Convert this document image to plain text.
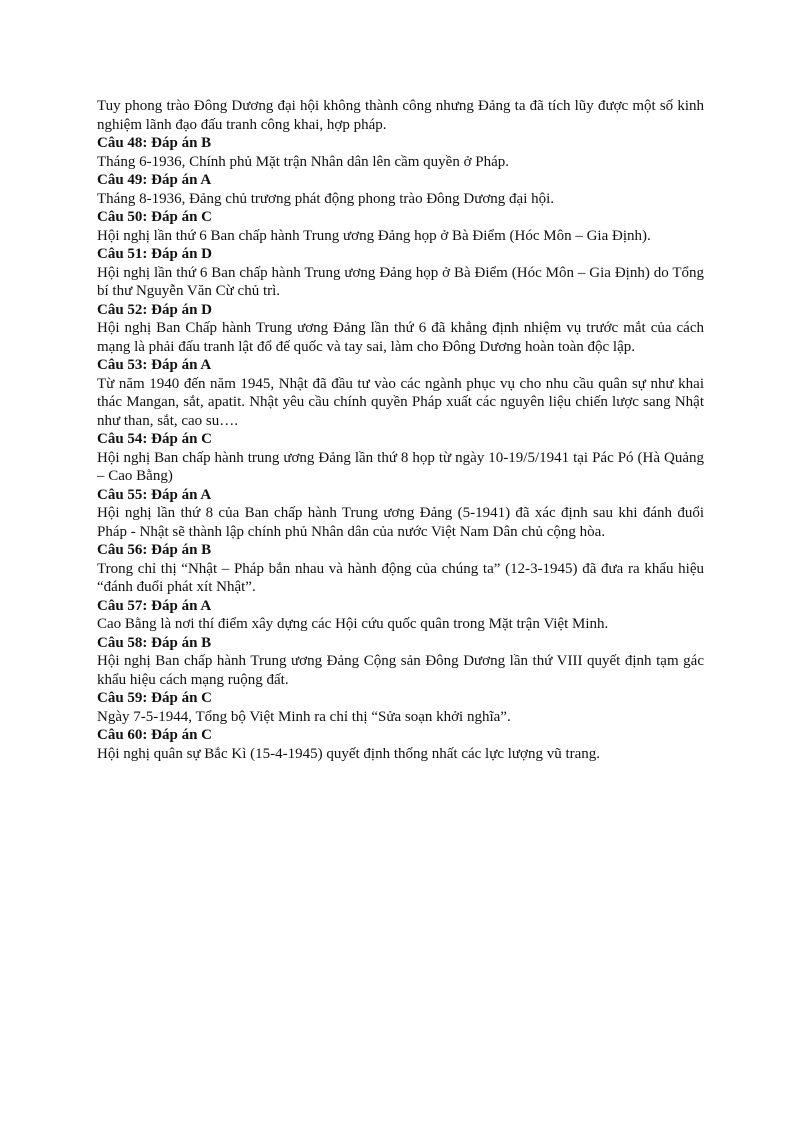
Tuy phong trào Đông Dương đại hội không thành công nhưng Đảng ta đã tích lũy được một số kinh nghiệm lãnh đạo đấu tranh công khai, hợp pháp.

Câu 48: Đáp án B

Tháng 6-1936, Chính phủ Mặt trận Nhân dân lên cầm quyền ở Pháp.

Câu 49: Đáp án A

Tháng 8-1936, Đảng chủ trương phát động phong trào Đông Dương đại hội.

Câu 50: Đáp án C

Hội nghị lần thứ 6 Ban chấp hành Trung ương Đảng họp ở Bà Điểm (Hóc Môn – Gia Định).

Câu 51: Đáp án D

Hội nghị lần thứ 6 Ban chấp hành Trung ương Đảng họp ở Bà Điểm (Hóc Môn – Gia Định) do Tổng bí thư Nguyễn Văn Cừ chủ trì.

Câu 52: Đáp án D

Hội nghị Ban Chấp hành Trung ương Đảng lần thứ 6 đã khẳng định nhiệm vụ trước mắt của cách mạng là phải đấu tranh lật đổ đế quốc và tay sai, làm cho Đông Dương hoàn toàn độc lập.

Câu 53: Đáp án A

Từ năm 1940 đến năm 1945, Nhật đã đầu tư vào các ngành phục vụ cho nhu cầu quân sự như khai thác Mangan, sắt, apatit. Nhật yêu cầu chính quyền Pháp xuất các nguyên liệu chiến lược sang Nhật như than, sắt, cao su….

Câu 54: Đáp án C

Hội nghị Ban chấp hành trung ương Đảng lần thứ 8 họp từ ngày 10-19/5/1941 tại Pác Pó (Hà Quảng – Cao Bằng)

Câu 55: Đáp án A

Hội nghị lần thứ 8 của Ban chấp hành Trung ương Đảng (5-1941) đã xác định sau khi đánh đuổi Pháp - Nhật sẽ thành lập chính phủ Nhân dân của nước Việt Nam Dân chủ cộng hòa.

Câu 56: Đáp án B

Trong chỉ thị “Nhật – Pháp bắn nhau và hành động của chúng ta” (12-3-1945) đã đưa ra khẩu hiệu “đánh đuổi phát xít Nhật”.

Câu 57: Đáp án A

Cao Bằng là nơi thí điểm xây dựng các Hội cứu quốc quân trong Mặt trận Việt Minh.

Câu 58: Đáp án B

Hội nghị Ban chấp hành Trung ương Đảng Cộng sản Đông Dương lần thứ VIII quyết định tạm gác khẩu hiệu cách mạng ruộng đất.

Câu 59: Đáp án C

Ngày 7-5-1944, Tổng bộ Việt Minh ra chỉ thị “Sửa soạn khởi nghĩa”.

Câu 60: Đáp án C

Hội nghị quân sự Bắc Kì (15-4-1945) quyết định thống nhất các lực lượng vũ trang.
